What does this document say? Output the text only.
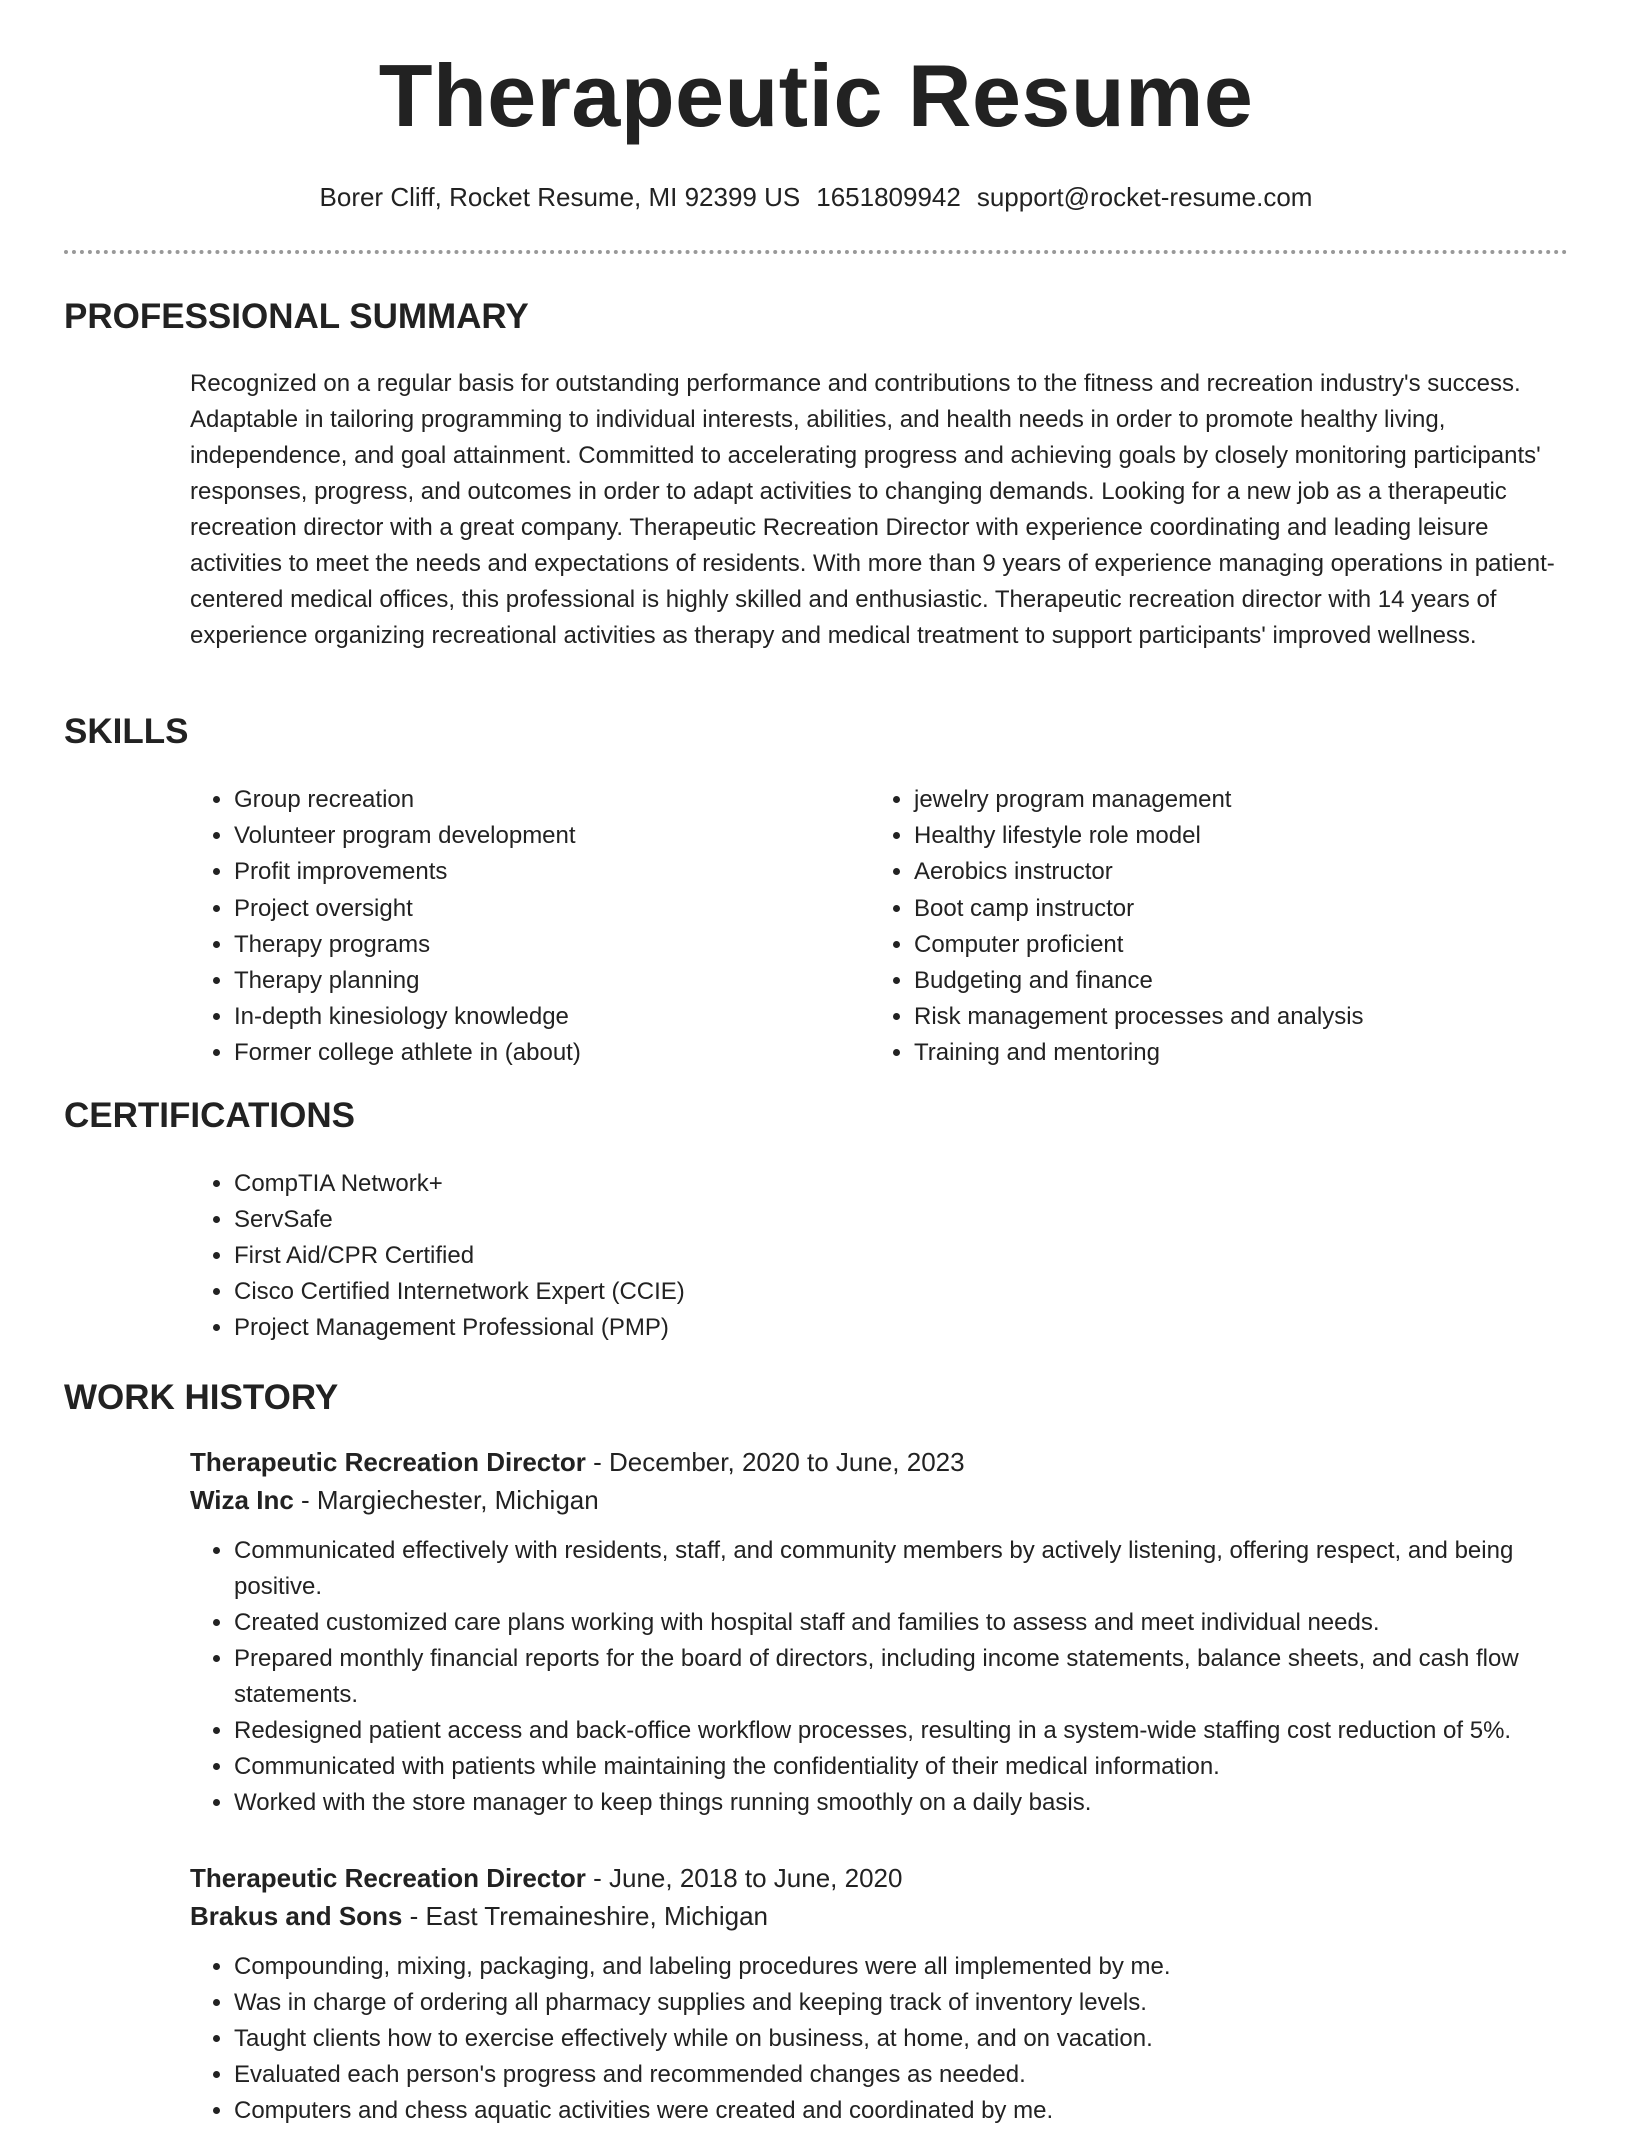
Therapeutic Resume
Borer Cliff, Rocket Resume, MI 92399 US 1651809942 support@rocket-resume.com
PROFESSIONAL SUMMARY

Recognized on a regular basis for outstanding performance and contributions to the fitness and recreation industry's success. Adaptable in tailoring programming to individual interests, abilities, and health needs in order to promote healthy living, independence, and goal attainment. Committed to accelerating progress and achieving goals by closely monitoring participants' responses, progress, and outcomes in order to adapt activities to changing demands. Looking for a new job as a therapeutic recreation director with a great company. Therapeutic Recreation Director with experience coordinating and leading leisure activities to meet the needs and expectations of residents. With more than 9 years of experience managing operations in patient-centered medical offices, this professional is highly skilled and enthusiastic. Therapeutic recreation director with 14 years of experience organizing recreational activities as therapy and medical treatment to support participants' improved wellness.

SKILLS
• Group recreation
• Volunteer program development
• Profit improvements
• Project oversight
• Therapy programs
• Therapy planning
• In-depth kinesiology knowledge
• Former college athlete in (about)
• jewelry program management
• Healthy lifestyle role model
• Aerobics instructor
• Boot camp instructor
• Computer proficient
• Budgeting and finance
• Risk management processes and analysis
• Training and mentoring
CERTIFICATIONS
• CompTIA Network+
• ServSafe
• First Aid/CPR Certified
• Cisco Certified Internetwork Expert (CCIE)
• Project Management Professional (PMP)
WORK HISTORY
Therapeutic Recreation Director - December, 2020 to June, 2023
Wiza Inc - Margiechester, Michigan
• Communicated effectively with residents, staff, and community members by actively listening, offering respect, and being positive.
• Created customized care plans working with hospital staff and families to assess and meet individual needs.
• Prepared monthly financial reports for the board of directors, including income statements, balance sheets, and cash flow statements.
• Redesigned patient access and back-office workflow processes, resulting in a system-wide staffing cost reduction of 5%.
• Communicated with patients while maintaining the confidentiality of their medical information.
• Worked with the store manager to keep things running smoothly on a daily basis.
Therapeutic Recreation Director - June, 2018 to June, 2020
Brakus and Sons - East Tremaineshire, Michigan
• Compounding, mixing, packaging, and labeling procedures were all implemented by me.
• Was in charge of ordering all pharmacy supplies and keeping track of inventory levels.
• Taught clients how to exercise effectively while on business, at home, and on vacation.
• Evaluated each person's progress and recommended changes as needed.
• Computers and chess aquatic activities were created and coordinated by me.
